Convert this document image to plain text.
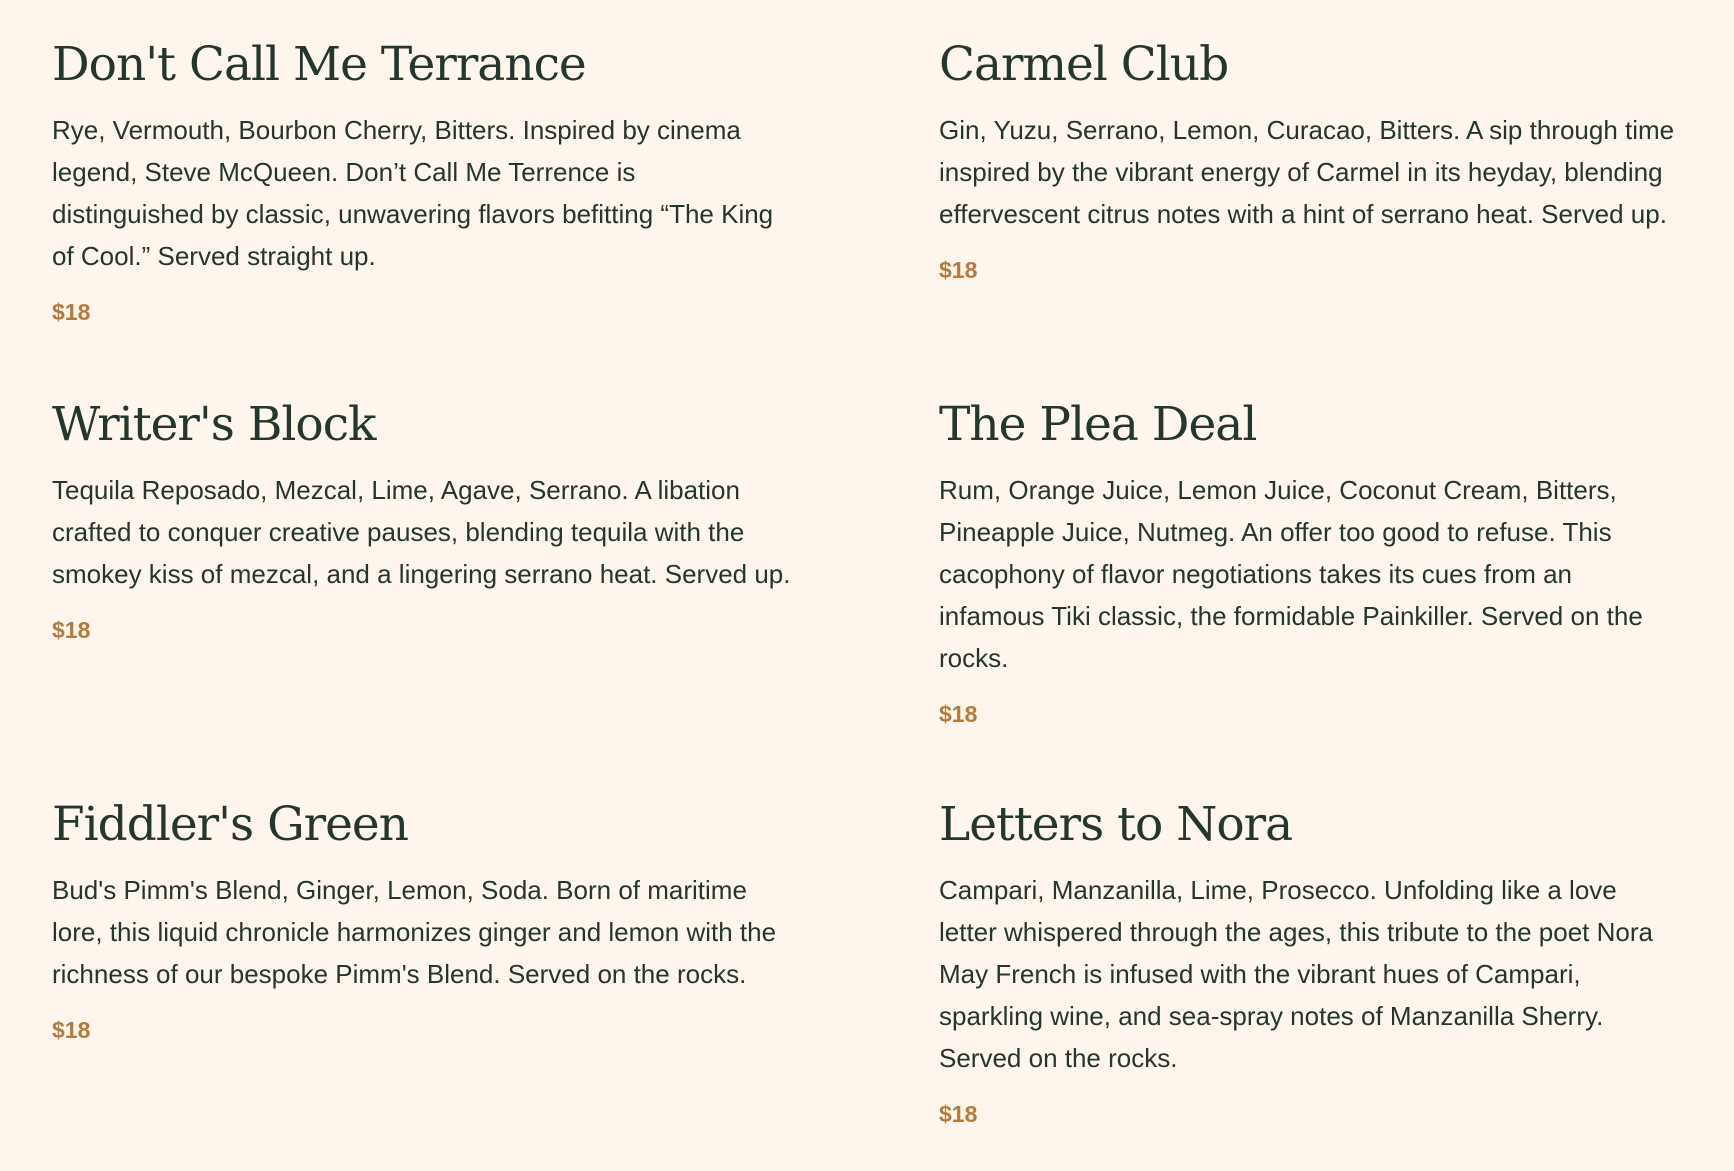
Don't Call Me Terrance

Rye, Vermouth, Bourbon Cherry, Bitters. Inspired by cinema legend, Steve McQueen. Don’t Call Me Terrence is distinguished by classic, unwavering flavors befitting “The King of Cool.” Served straight up.

$18

Carmel Club

Gin, Yuzu, Serrano, Lemon, Curacao, Bitters. A sip through time inspired by the vibrant energy of Carmel in its heyday, blending effervescent citrus notes with a hint of serrano heat. Served up.

$18

Writer's Block

Tequila Reposado, Mezcal, Lime, Agave, Serrano. A libation crafted to conquer creative pauses, blending tequila with the smokey kiss of mezcal, and a lingering serrano heat. Served up.

$18

The Plea Deal

Rum, Orange Juice, Lemon Juice, Coconut Cream, Bitters, Pineapple Juice, Nutmeg. An offer too good to refuse. This cacophony of flavor negotiations takes its cues from an infamous Tiki classic, the formidable Painkiller. Served on the rocks.

$18

Fiddler's Green

Bud's Pimm's Blend, Ginger, Lemon, Soda. Born of maritime lore, this liquid chronicle harmonizes ginger and lemon with the richness of our bespoke Pimm's Blend. Served on the rocks.

$18

Letters to Nora

Campari, Manzanilla, Lime, Prosecco. Unfolding like a love letter whispered through the ages, this tribute to the poet Nora May French is infused with the vibrant hues of Campari, sparkling wine, and sea-spray notes of Manzanilla Sherry. Served on the rocks.

$18
